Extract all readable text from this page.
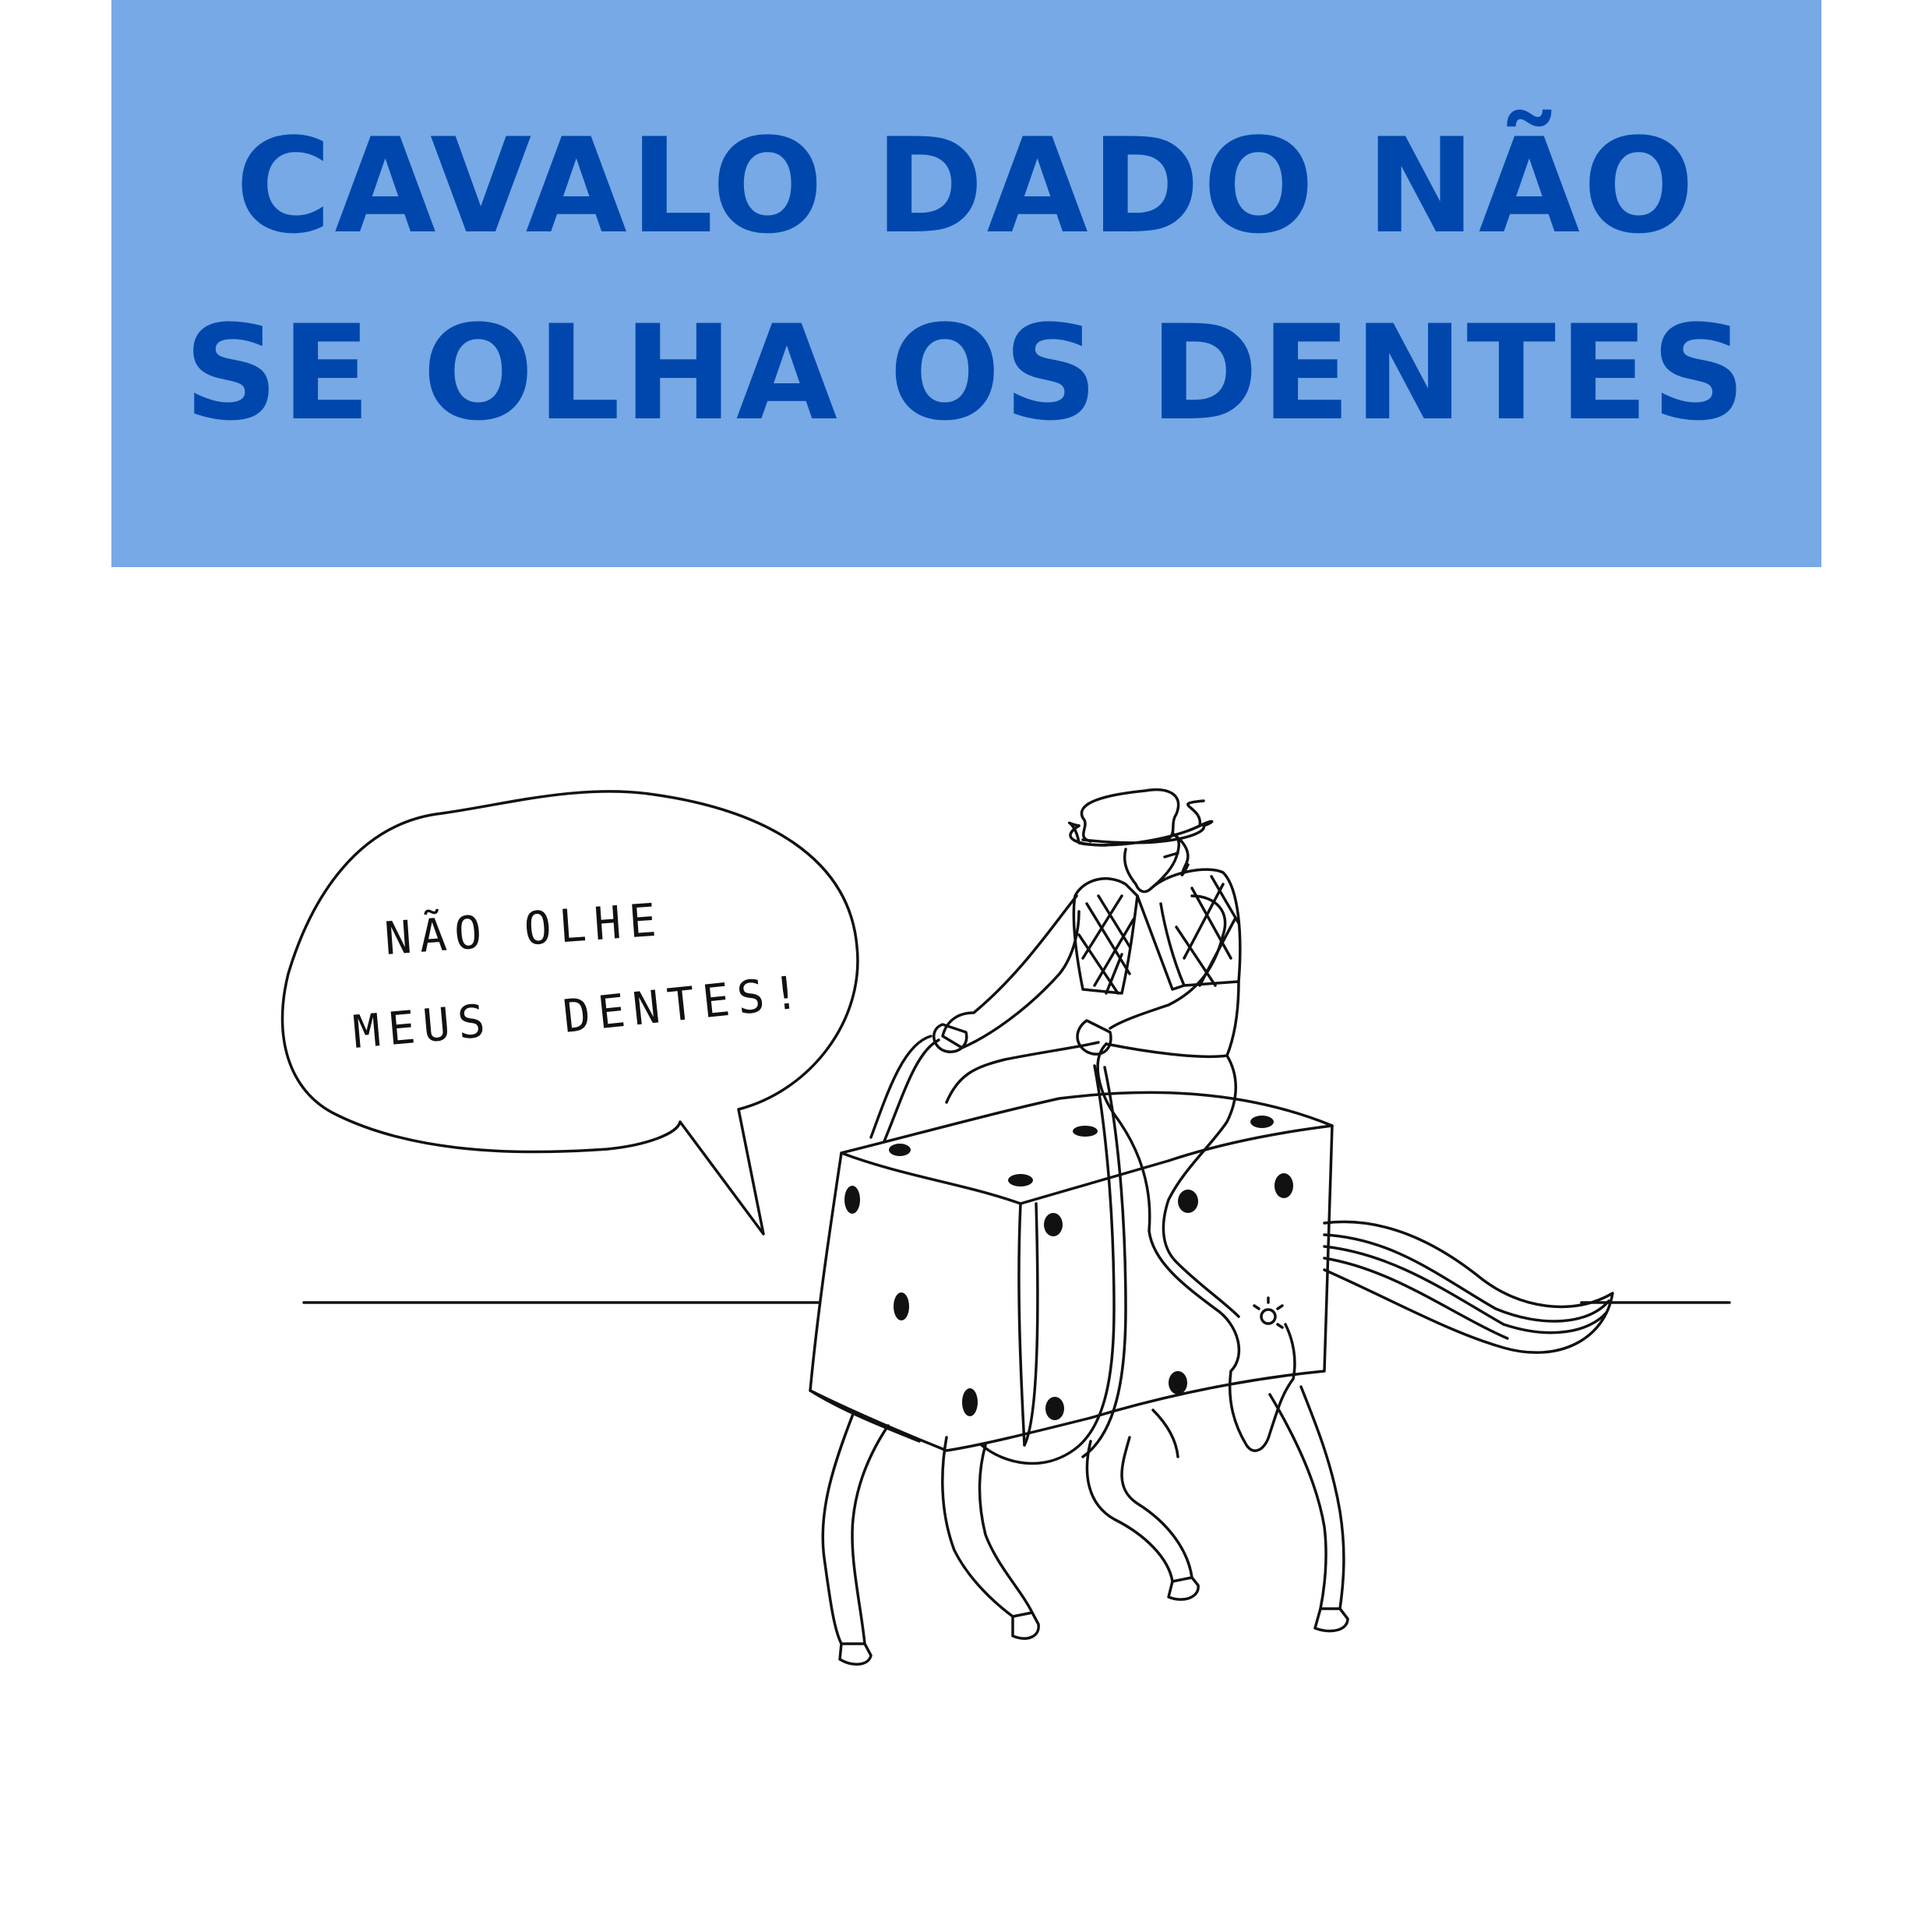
CAVALO DADO NÃO
SE OLHA OS DENTES
NÃO OLHE
MEUS DENTES!
